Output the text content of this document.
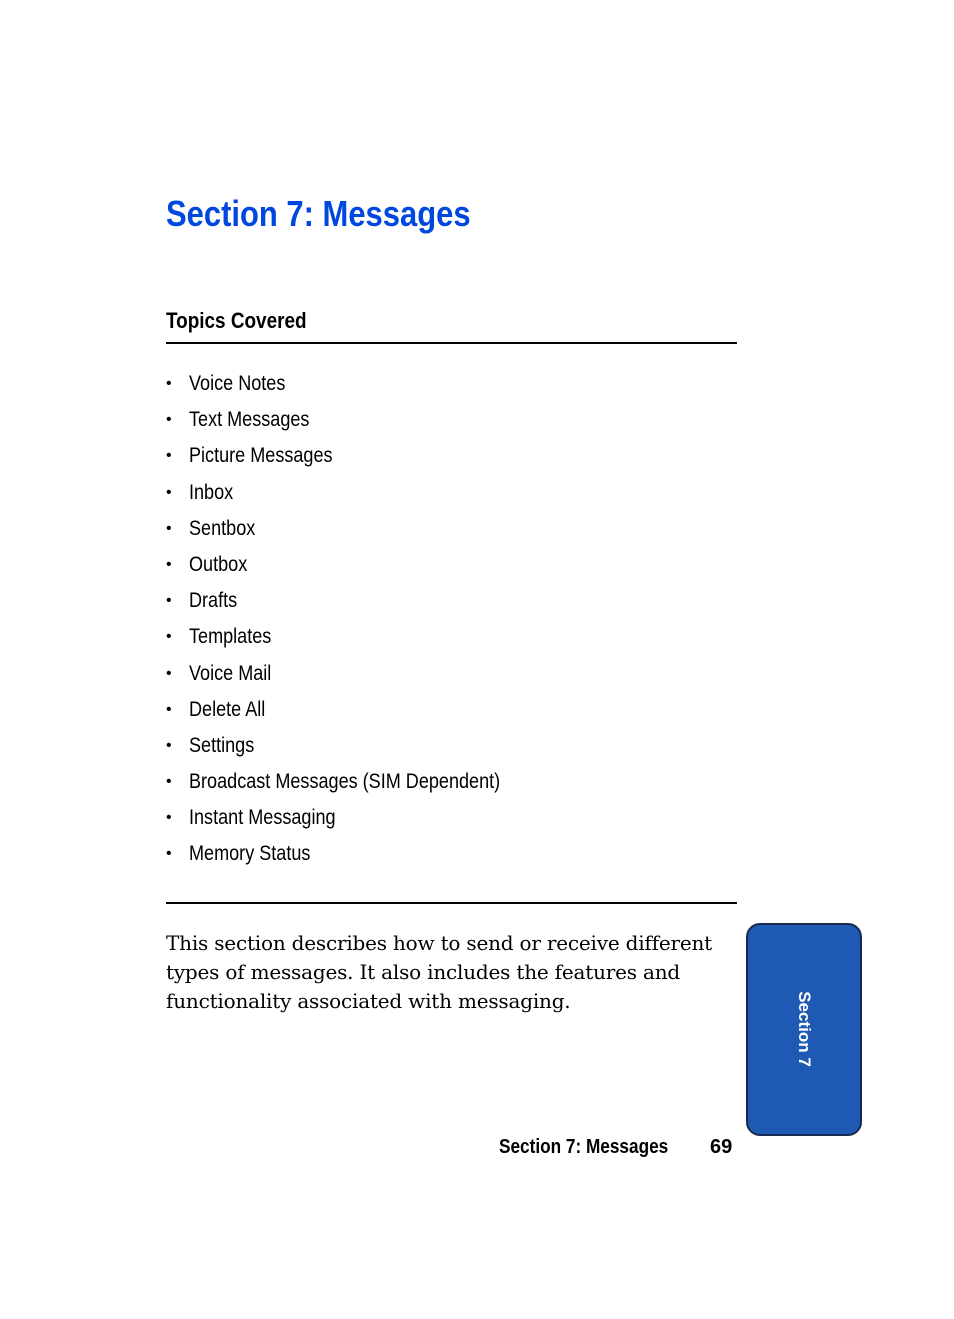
Section 7: Messages
Topics Covered
• Voice Notes
• Text Messages
• Picture Messages
• Inbox
• Sentbox
• Outbox
• Drafts
• Templates
• Voice Mail
• Delete All
• Settings
• Broadcast Messages (SIM Dependent)
• Instant Messaging
• Memory Status

This section describes how to send or receive different types of messages. It also includes the features and functionality associated with messaging.	Section 7
Section 7: Messages 69
